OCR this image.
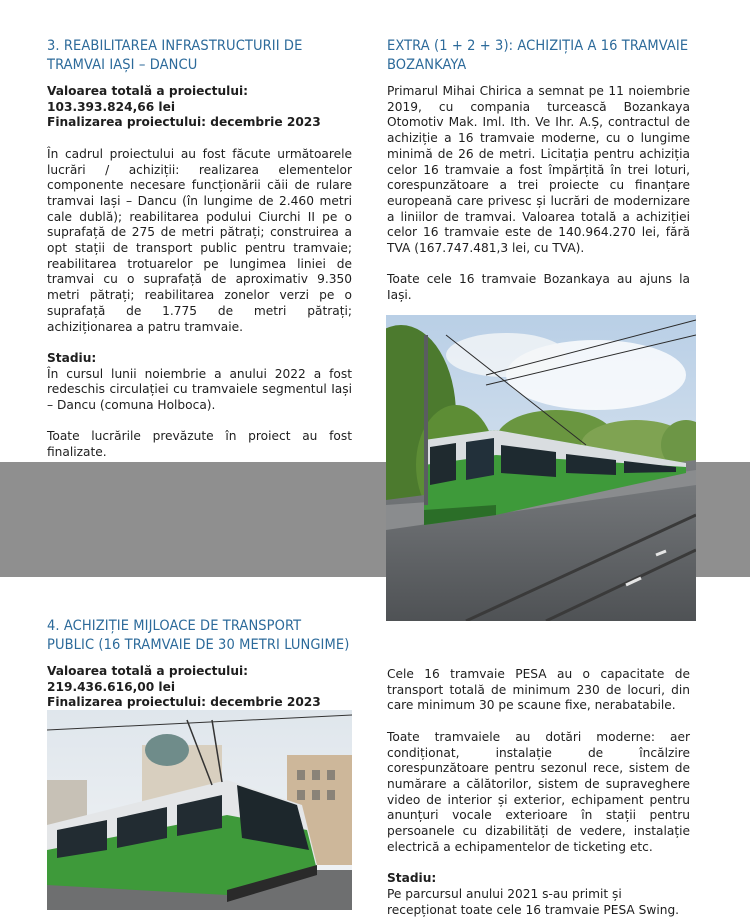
3. REABILITAREA INFRASTRUCTURII DE TRAMVAI IAȘI – DANCU

Valoarea totală a proiectului: 103.393.824,66 lei

Finalizarea proiectului: decembrie 2023

În cadrul proiectului au fost făcute următoarele lucrări / achiziții: realizarea elementelor componente necesare funcționării căii de rulare tramvai Iași – Dancu (în lungime de 2.460 metri cale dublă); reabilitarea podului Ciurchi II pe o suprafață de 275 de metri pătrați; construirea a opt stații de transport public pentru tramvaie; reabilitarea trotuarelor pe lungimea liniei de tramvai cu o suprafață de aproximativ 9.350 metri pătrați; reabilitarea zonelor verzi pe o suprafață de 1.775 de metri pătrați; achiziționarea a patru tramvaie.

Stadiu:

În cursul lunii noiembrie a anului 2022 a fost redeschis circulației cu tramvaiele segmentul Iași – Dancu (comuna Holboca).

Toate lucrările prevăzute în proiect au fost finalizate.

EXTRA (1 + 2 + 3): ACHIZIȚIA A 16 TRAMVAIE BOZANKAYA

Primarul Mihai Chirica a semnat pe 11 noiembrie 2019, cu compania turcească Bozankaya Otomotiv Mak. Iml. Ith. Ve Ihr. A.Ș, contractul de achiziție a 16 tramvaie moderne, cu o lungime minimă de 26 de metri. Licitația pentru achiziția celor 16 tramvaie a fost împărțită în trei loturi, corespunzătoare a trei proiecte cu finanțare europeană care privesc și lucrări de modernizare a liniilor de tramvai. Valoarea totală a achiziției celor 16 tramvaie este de 140.964.270 lei, fără TVA (167.747.481,3 lei, cu TVA).

Toate cele 16 tramvaie Bozankaya au ajuns la Iași.

4. ACHIZIȚIE MIJLOACE DE TRANSPORT PUBLIC (16 TRAMVAIE DE 30 METRI LUNGIME)

Valoarea totală a proiectului: 219.436.616,00 lei

Finalizarea proiectului: decembrie 2023

Cele 16 tramvaie PESA au o capacitate de transport totală de minimum 230 de locuri, din care minimum 30 pe scaune fixe, nerabatabile.

Toate tramvaiele au dotări moderne: aer condiționat, instalație de încălzire corespunzătoare pentru sezonul rece, sistem de numărare a călătorilor, sistem de supraveghere video de interior și exterior, echipament pentru anunțuri vocale exterioare în stații pentru persoanele cu dizabilități de vedere, instalație electrică a echipamentelor de ticketing etc.

Stadiu:

Pe parcursul anului 2021 s-au primit și recepționat toate cele 16 tramvaie PESA Swing.
